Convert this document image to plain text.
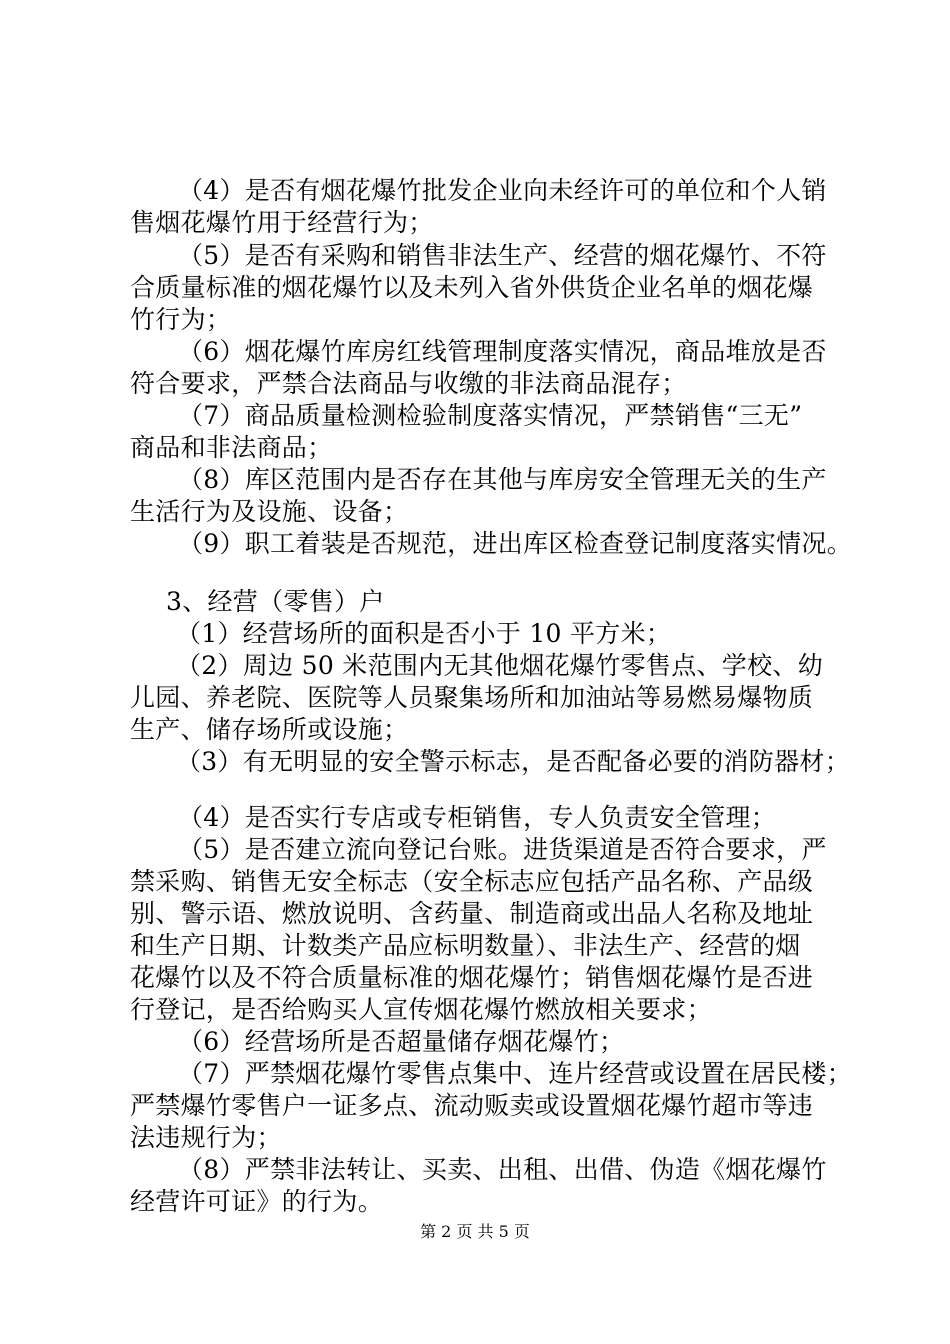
（4）是否有烟花爆竹批发企业向未经许可的单位和个人销

售烟花爆竹用于经营行为；

（5）是否有采购和销售非法生产、经营的烟花爆竹、不符

合质量标准的烟花爆竹以及未列入省外供货企业名单的烟花爆

竹行为；

（6）烟花爆竹库房红线管理制度落实情况，商品堆放是否

符合要求，严禁合法商品与收缴的非法商品混存；

（7）商品质量检测检验制度落实情况，严禁销售“三无”

商品和非法商品；

（8）库区范围内是否存在其他与库房安全管理无关的生产

生活行为及设施、设备；

（9）职工着装是否规范，进出库区检查登记制度落实情况。

3、经营（零售）户

（1）经营场所的面积是否小于 10 平方米；

（2）周边 50 米范围内无其他烟花爆竹零售点、学校、幼

儿园、养老院、医院等人员聚集场所和加油站等易燃易爆物质

生产、储存场所或设施；

（3）有无明显的安全警示标志，是否配备必要的消防器材；

（4）是否实行专店或专柜销售，专人负责安全管理；

（5）是否建立流向登记台账。进货渠道是否符合要求，严

禁采购、销售无安全标志（安全标志应包括产品名称、产品级

别、警示语、燃放说明、含药量、制造商或出品人名称及地址

和生产日期、计数类产品应标明数量）、非法生产、经营的烟

花爆竹以及不符合质量标准的烟花爆竹；销售烟花爆竹是否进

行登记，是否给购买人宣传烟花爆竹燃放相关要求；

（6）经营场所是否超量储存烟花爆竹；

（7）严禁烟花爆竹零售点集中、连片经营或设置在居民楼；

严禁爆竹零售户一证多点、流动贩卖或设置烟花爆竹超市等违

法违规行为；

（8）严禁非法转让、买卖、出租、出借、伪造《烟花爆竹

经营许可证》的行为。

第 2 页 共 5 页
